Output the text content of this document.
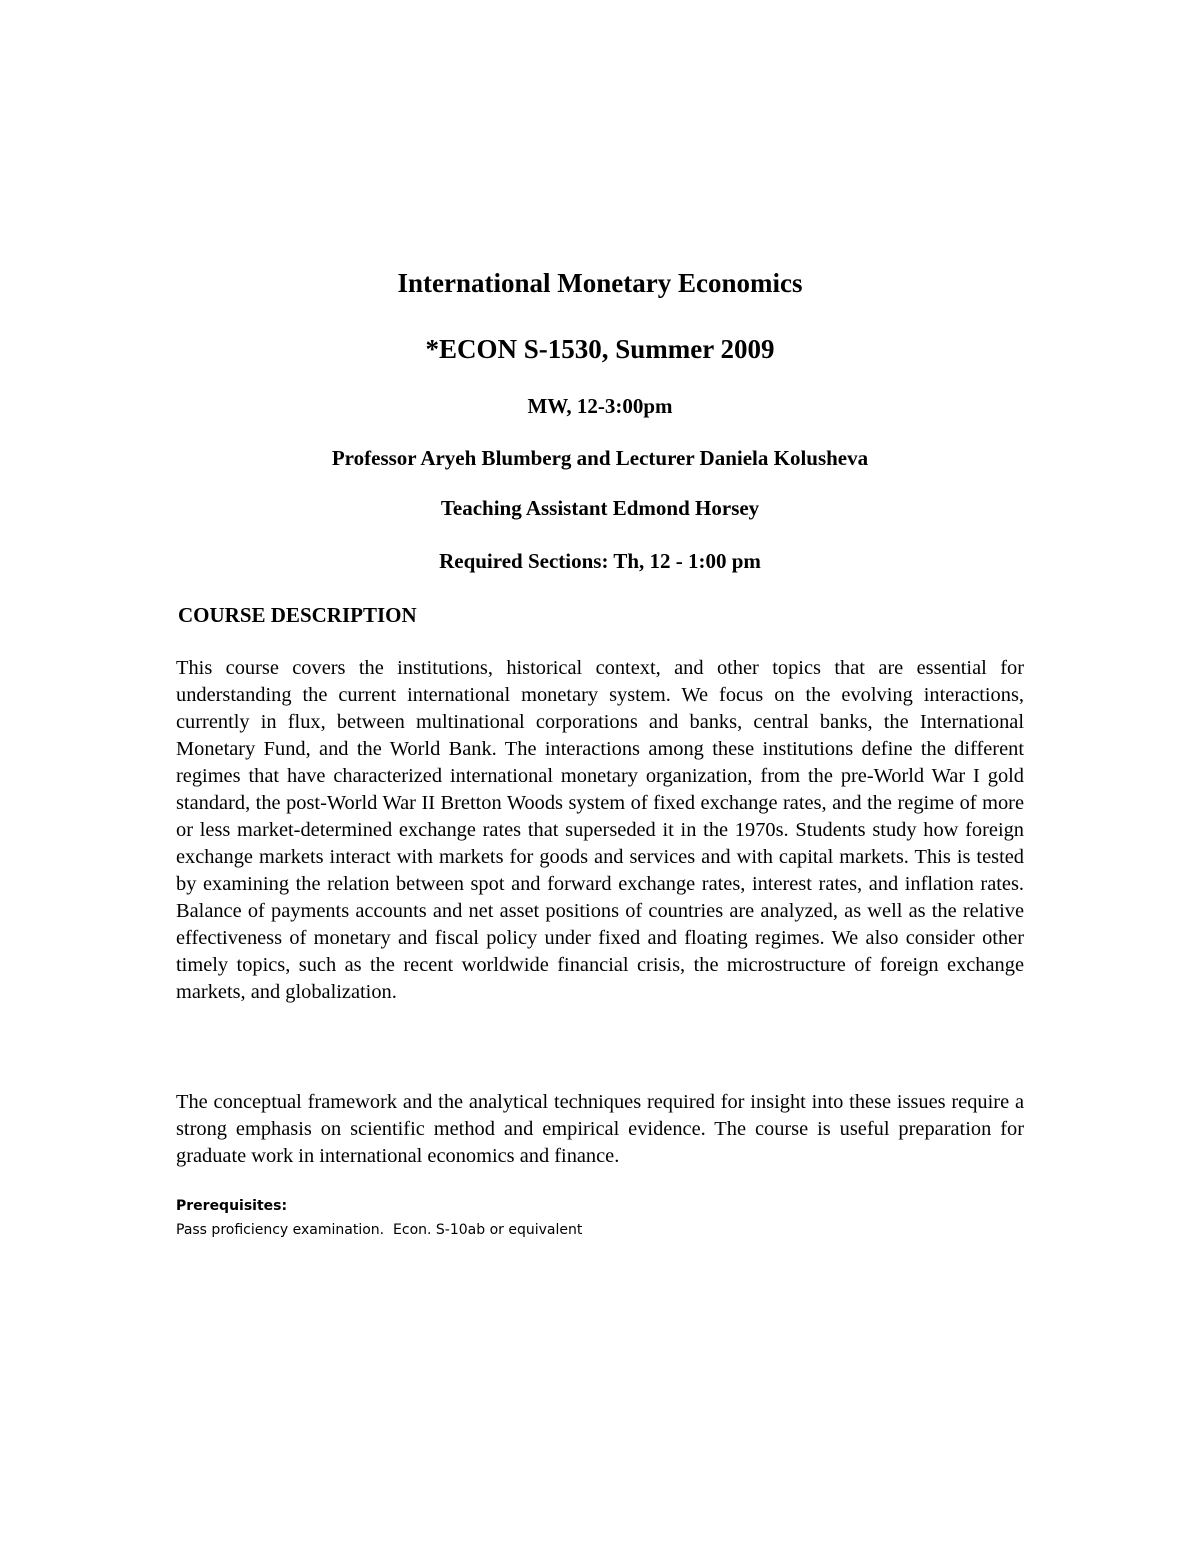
International Monetary Economics
*ECON S-1530, Summer 2009
MW, 12-3:00pm
Professor Aryeh Blumberg and Lecturer Daniela Kolusheva
Teaching Assistant Edmond Horsey
Required Sections: Th, 12 - 1:00 pm
COURSE DESCRIPTION

This course covers the institutions, historical context, and other topics that are essential for understanding the current international monetary system. We focus on the evolving interactions, currently in flux, between multinational corporations and banks, central banks, the International Monetary Fund, and the World Bank. The interactions among these institutions define the different regimes that have characterized international monetary organization, from the pre-World War I gold standard, the post-World War II Bretton Woods system of fixed exchange rates, and the regime of more or less market-determined exchange rates that superseded it in the 1970s. Students study how foreign exchange markets interact with markets for goods and services and with capital markets. This is tested by examining the relation between spot and forward exchange rates, interest rates, and inflation rates. Balance of payments accounts and net asset positions of countries are analyzed, as well as the relative effectiveness of monetary and fiscal policy under fixed and floating regimes. We also consider other timely topics, such as the recent worldwide financial crisis, the microstructure of foreign exchange markets, and globalization.

The conceptual framework and the analytical techniques required for insight into these issues require a strong emphasis on scientific method and empirical evidence. The course is useful preparation for graduate work in international economics and finance.

Prerequisites:
Pass proficiency examination.  Econ. S-10ab or equivalent
